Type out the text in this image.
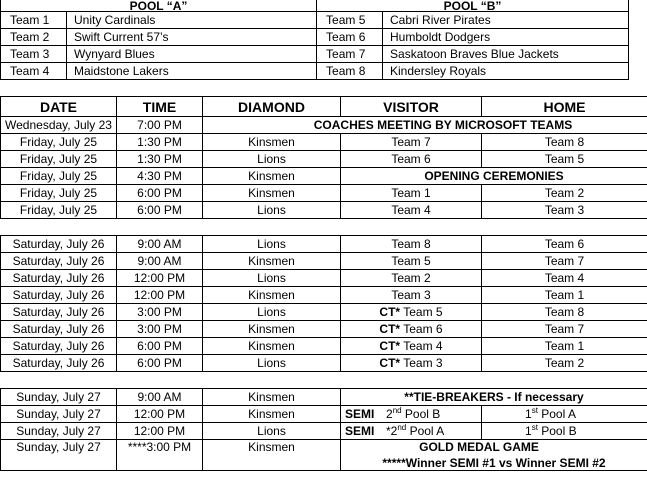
POOL “A”		POOL “B”	
Team 1	Unity Cardinals	Team 5	Cabri River Pirates
Team 2	Swift Current 57’s	Team 6	Humboldt Dodgers
Team 3	Wynyard Blues	Team 7	Saskatoon Braves Blue Jackets
Team 4	Maidstone Lakers	Team 8	Kindersley Royals
DATE	TIME	DIAMOND	VISITOR	HOME
Wednesday, July 23	7:00 PM	COACHES MEETING BY MICROSOFT TEAMS		
Friday, July 25	1:30 PM	Kinsmen	Team 7	Team 8
Friday, July 25	1:30 PM	Lions	Team 6	Team 5
Friday, July 25	4:30 PM	Kinsmen	OPENING CEREMONIES	
Friday, July 25	6:00 PM	Kinsmen	Team 1	Team 2
Friday, July 25	6:00 PM	Lions	Team 4	Team 3

Saturday, July 26	9:00 AM	Lions	Team 8	Team 6
Saturday, July 26	9:00 AM	Kinsmen	Team 5	Team 7
Saturday, July 26	12:00 PM	Lions	Team 2	Team 4
Saturday, July 26	12:00 PM	Kinsmen	Team 3	Team 1
Saturday, July 26	3:00 PM	Lions	CT* Team 5	Team 8
Saturday, July 26	3:00 PM	Kinsmen	CT* Team 6	Team 7
Saturday, July 26	6:00 PM	Kinsmen	CT* Team 4	Team 1
Saturday, July 26	6:00 PM	Lions	CT* Team 3	Team 2

Sunday, July 27	9:00 AM	Kinsmen	**TIE-BREAKERS - If necessary	
Sunday, July 27	12:00 PM	Kinsmen	SEMI 2nd Pool B	1st Pool A
Sunday, July 27	12:00 PM	Lions	SEMI *2nd Pool A	1st Pool B
Sunday, July 27	****3:00 PM	Kinsmen	GOLD MEDAL GAME
*****Winner SEMI #1 vs Winner SEMI #2	
